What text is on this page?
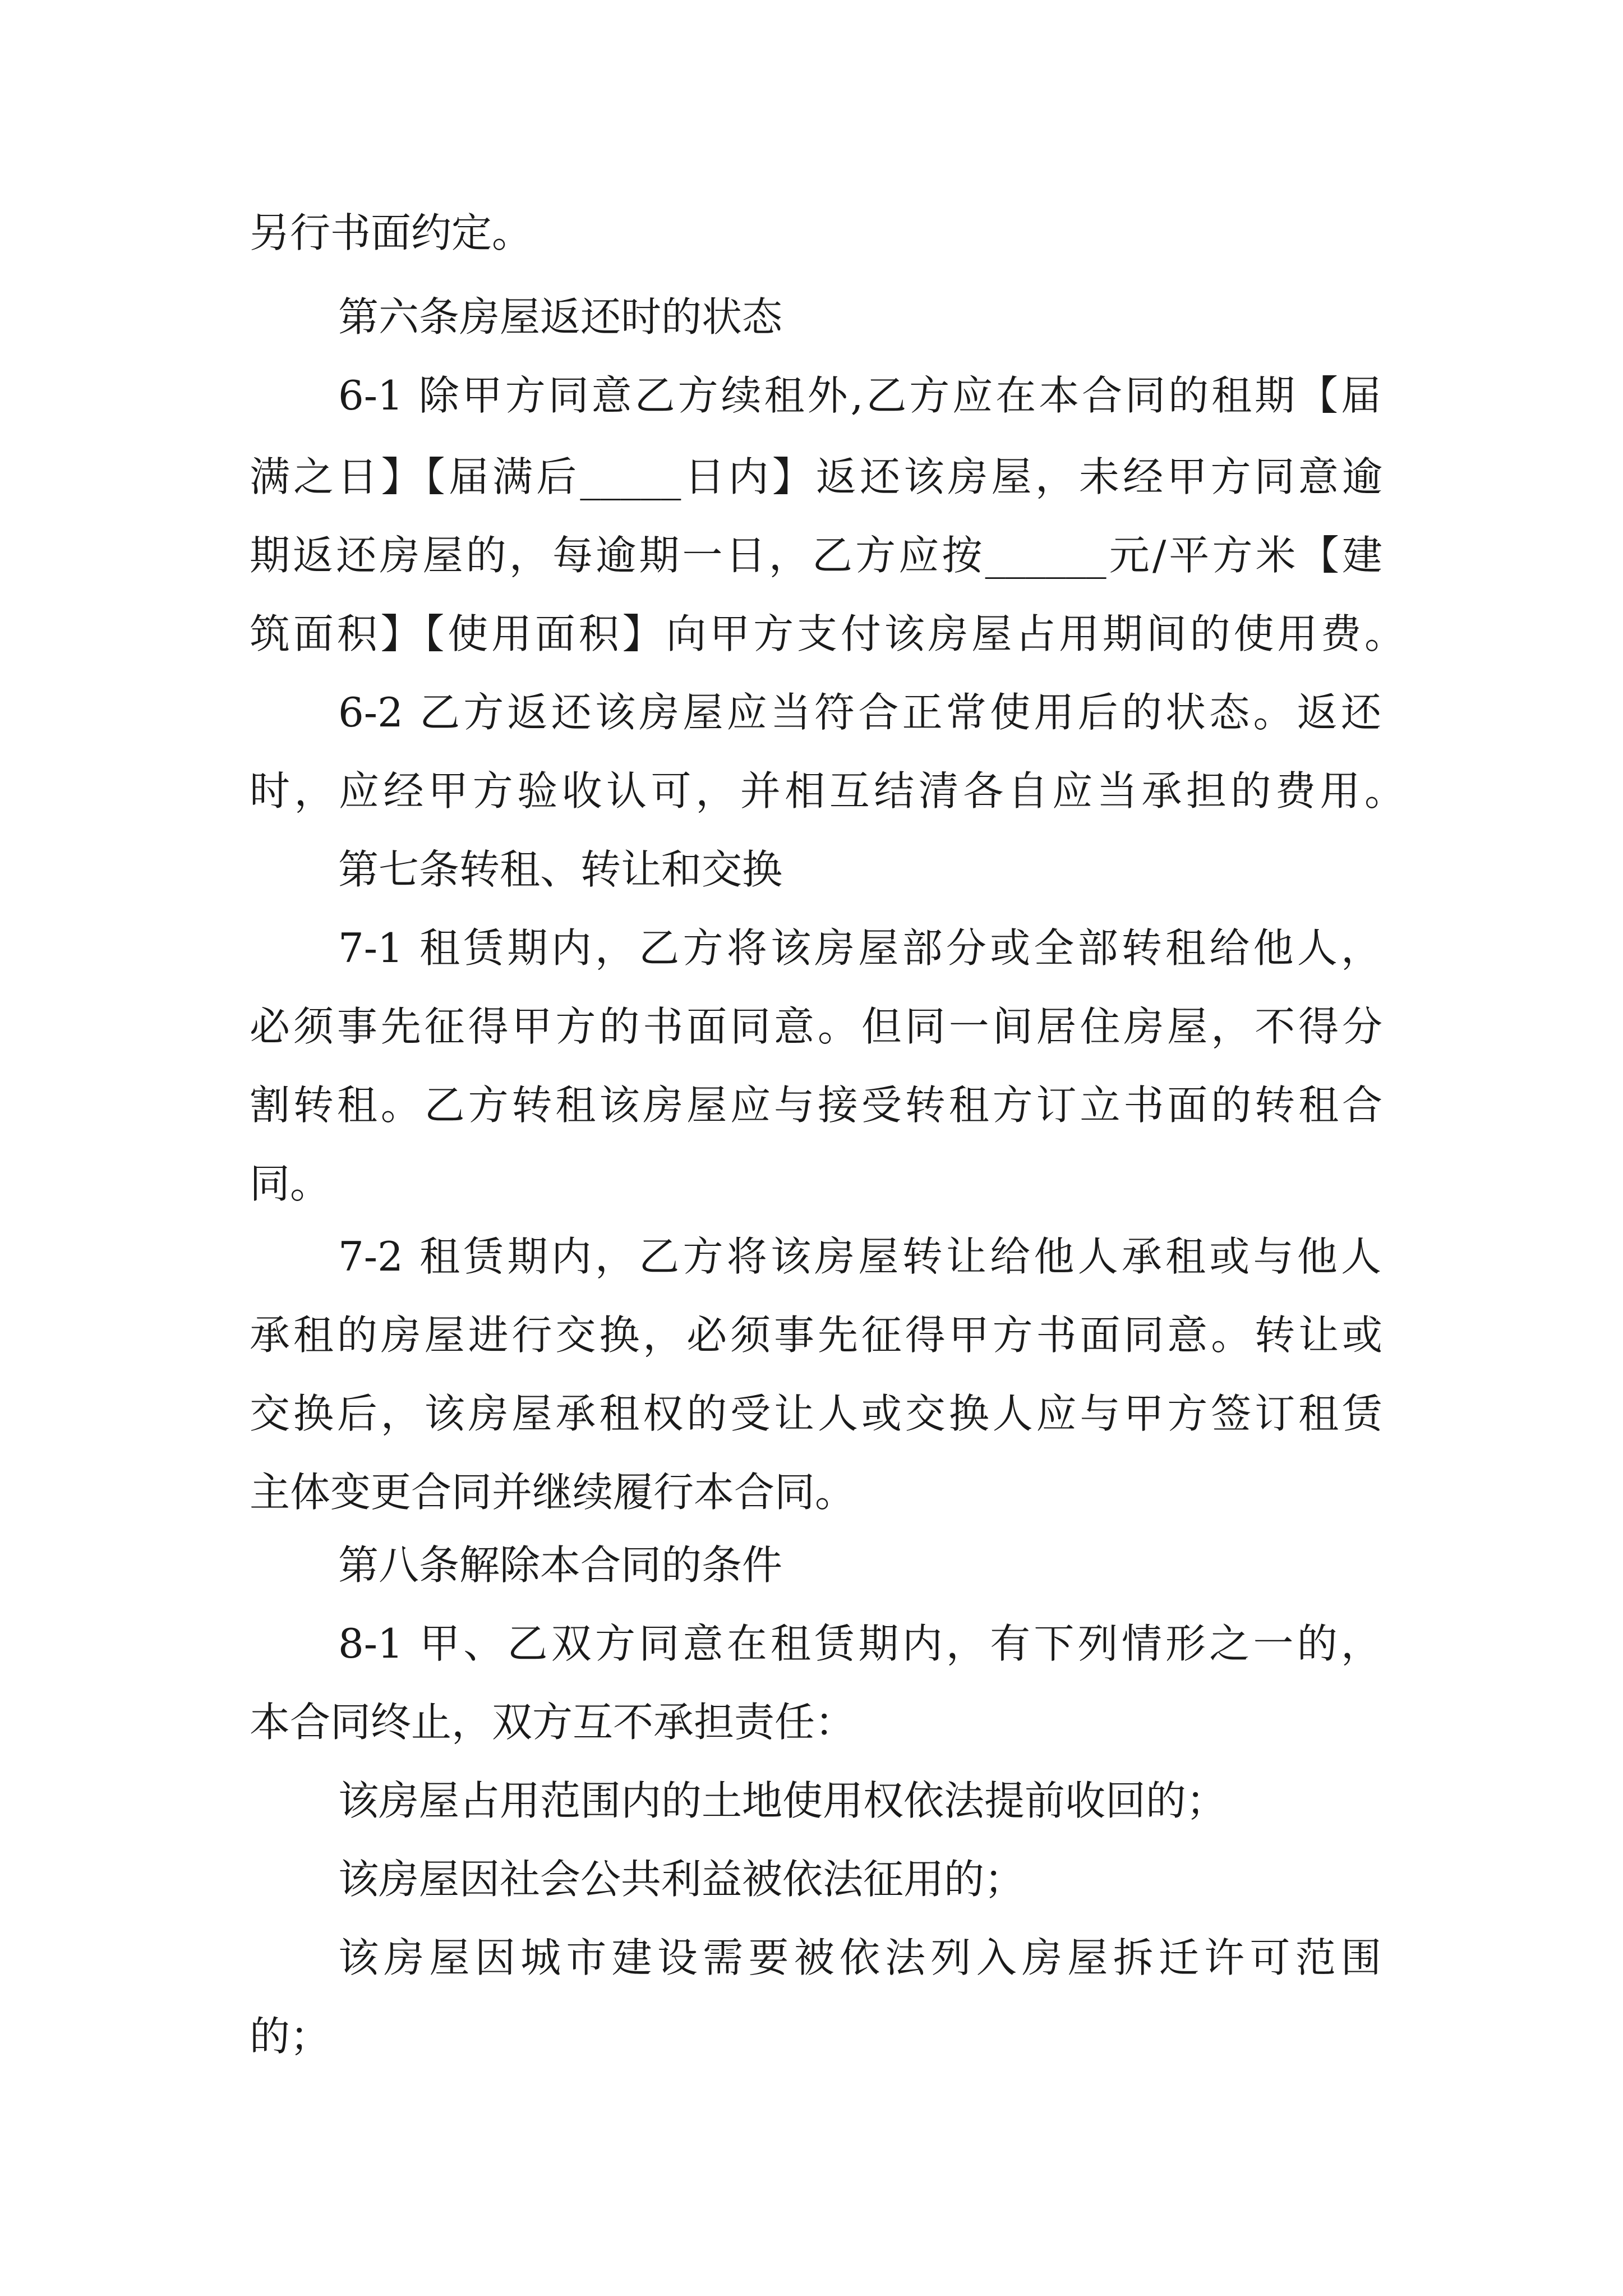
另行书面约定。
第六条房屋返还时的状态
6-1 除甲方同意乙方续租外,乙方应在本合同的租期【届
满之日】【届满后_____日内】返还该房屋，未经甲方同意逾
期返还房屋的，每逾期一日，乙方应按______元/平方米【建
筑面积】【使用面积】向甲方支付该房屋占用期间的使用费。
6-2 乙方返还该房屋应当符合正常使用后的状态。返还
时，应经甲方验收认可，并相互结清各自应当承担的费用。
第七条转租、转让和交换
7-1 租赁期内，乙方将该房屋部分或全部转租给他人，
必须事先征得甲方的书面同意。但同一间居住房屋，不得分
割转租。乙方转租该房屋应与接受转租方订立书面的转租合
同。
7-2 租赁期内，乙方将该房屋转让给他人承租或与他人
承租的房屋进行交换，必须事先征得甲方书面同意。转让或
交换后，该房屋承租权的受让人或交换人应与甲方签订租赁
主体变更合同并继续履行本合同。
第八条解除本合同的条件
8-1 甲、乙双方同意在租赁期内，有下列情形之一的，
本合同终止，双方互不承担责任：
该房屋占用范围内的土地使用权依法提前收回的；
该房屋因社会公共利益被依法征用的；
该房屋因城市建设需要被依法列入房屋拆迁许可范围
的；
